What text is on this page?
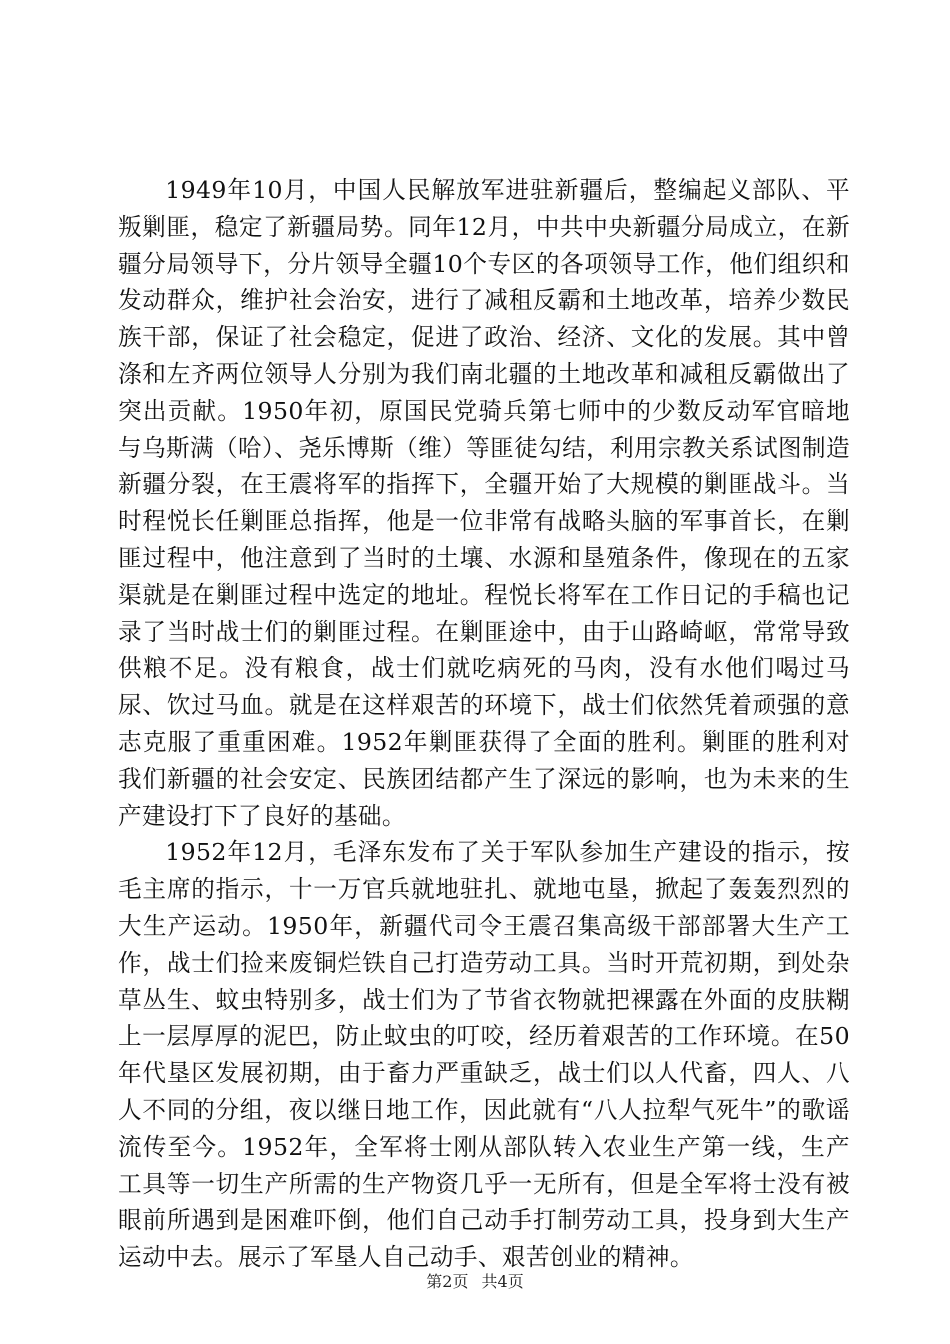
1949年10月，中国人民解放军进驻新疆后，整编起义部队、平叛剿匪，稳定了新疆局势。同年12月，中共中央新疆分局成立，在新疆分局领导下，分片领导全疆10个专区的各项领导工作，他们组织和发动群众，维护社会治安，进行了减租反霸和土地改革，培养少数民族干部，保证了社会稳定，促进了政治、经济、文化的发展。其中曾涤和左齐两位领导人分别为我们南北疆的土地改革和减租反霸做出了突出贡献。1950年初，原国民党骑兵第七师中的少数反动军官暗地与乌斯满（哈）、尧乐博斯（维）等匪徒勾结，利用宗教关系试图制造新疆分裂，在王震将军的指挥下，全疆开始了大规模的剿匪战斗。当时程悦长任剿匪总指挥，他是一位非常有战略头脑的军事首长，在剿匪过程中，他注意到了当时的土壤、水源和垦殖条件，像现在的五家渠就是在剿匪过程中选定的地址。程悦长将军在工作日记的手稿也记录了当时战士们的剿匪过程。在剿匪途中，由于山路崎岖，常常导致供粮不足。没有粮食，战士们就吃病死的马肉，没有水他们喝过马尿、饮过马血。就是在这样艰苦的环境下，战士们依然凭着顽强的意志克服了重重困难。1952年剿匪获得了全面的胜利。剿匪的胜利对我们新疆的社会安定、民族团结都产生了深远的影响，也为未来的生产建设打下了良好的基础。

1952年12月，毛泽东发布了关于军队参加生产建设的指示，按毛主席的指示，十一万官兵就地驻扎、就地屯垦，掀起了轰轰烈烈的大生产运动。1950年，新疆代司令王震召集高级干部部署大生产工作，战士们捡来废铜烂铁自己打造劳动工具。当时开荒初期，到处杂草丛生、蚊虫特别多，战士们为了节省衣物就把裸露在外面的皮肤糊上一层厚厚的泥巴，防止蚊虫的叮咬，经历着艰苦的工作环境。在50年代垦区发展初期，由于畜力严重缺乏，战士们以人代畜，四人、八人不同的分组，夜以继日地工作，因此就有“八人拉犁气死牛”的歌谣流传至今。1952年，全军将士刚从部队转入农业生产第一线，生产工具等一切生产所需的生产物资几乎一无所有，但是全军将士没有被眼前所遇到是困难吓倒，他们自己动手打制劳动工具，投身到大生产运动中去。展示了军垦人自己动手、艰苦创业的精神。

第2页 共4页
